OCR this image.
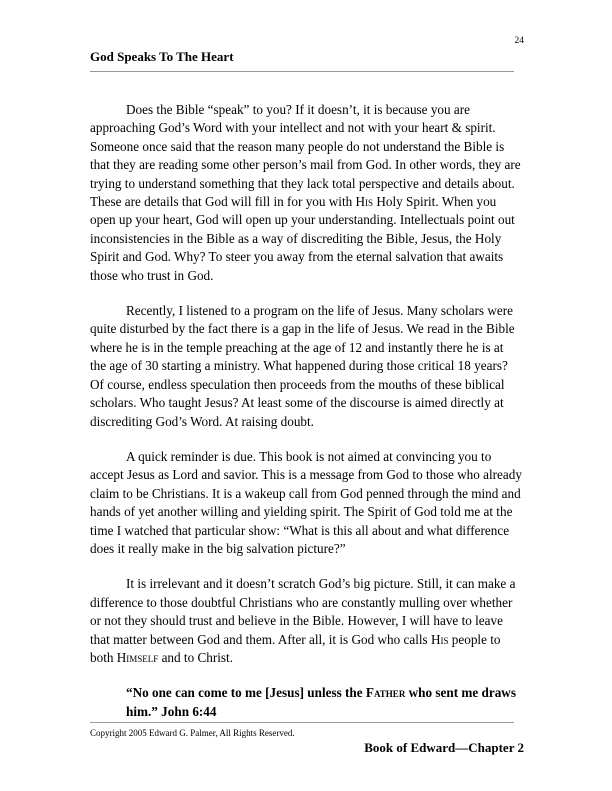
24
God Speaks To The Heart

Does the Bible “speak” to you? If it doesn’t, it is because you are approaching God’s Word with your intellect and not with your heart & spirit. Someone once said that the reason many people do not understand the Bible is that they are reading some other person’s mail from God. In other words, they are trying to understand something that they lack total perspective and details about. These are details that God will fill in for you with His Holy Spirit. When you open up your heart, God will open up your understanding. Intellectuals point out inconsistencies in the Bible as a way of discrediting the Bible, Jesus, the Holy Spirit and God. Why? To steer you away from the eternal salvation that awaits those who trust in God.

Recently, I listened to a program on the life of Jesus. Many scholars were quite disturbed by the fact there is a gap in the life of Jesus. We read in the Bible where he is in the temple preaching at the age of 12 and instantly there he is at the age of 30 starting a ministry. What happened during those critical 18 years? Of course, endless speculation then proceeds from the mouths of these biblical scholars. Who taught Jesus? At least some of the discourse is aimed directly at discrediting God’s Word. At raising doubt.

A quick reminder is due. This book is not aimed at convincing you to accept Jesus as Lord and savior. This is a message from God to those who already claim to be Christians. It is a wakeup call from God penned through the mind and hands of yet another willing and yielding spirit. The Spirit of God told me at the time I watched that particular show: “What is this all about and what difference does it really make in the big salvation picture?”

It is irrelevant and it doesn’t scratch God’s big picture. Still, it can make a difference to those doubtful Christians who are constantly mulling over whether or not they should trust and believe in the Bible. However, I will have to leave that matter between God and them. After all, it is God who calls His people to both Himself and to Christ.

“No one can come to me [Jesus] unless the Father who sent me draws him.” John 6:44

Copyright 2005 Edward G. Palmer, All Rights Reserved.
Book of Edward—Chapter 2
